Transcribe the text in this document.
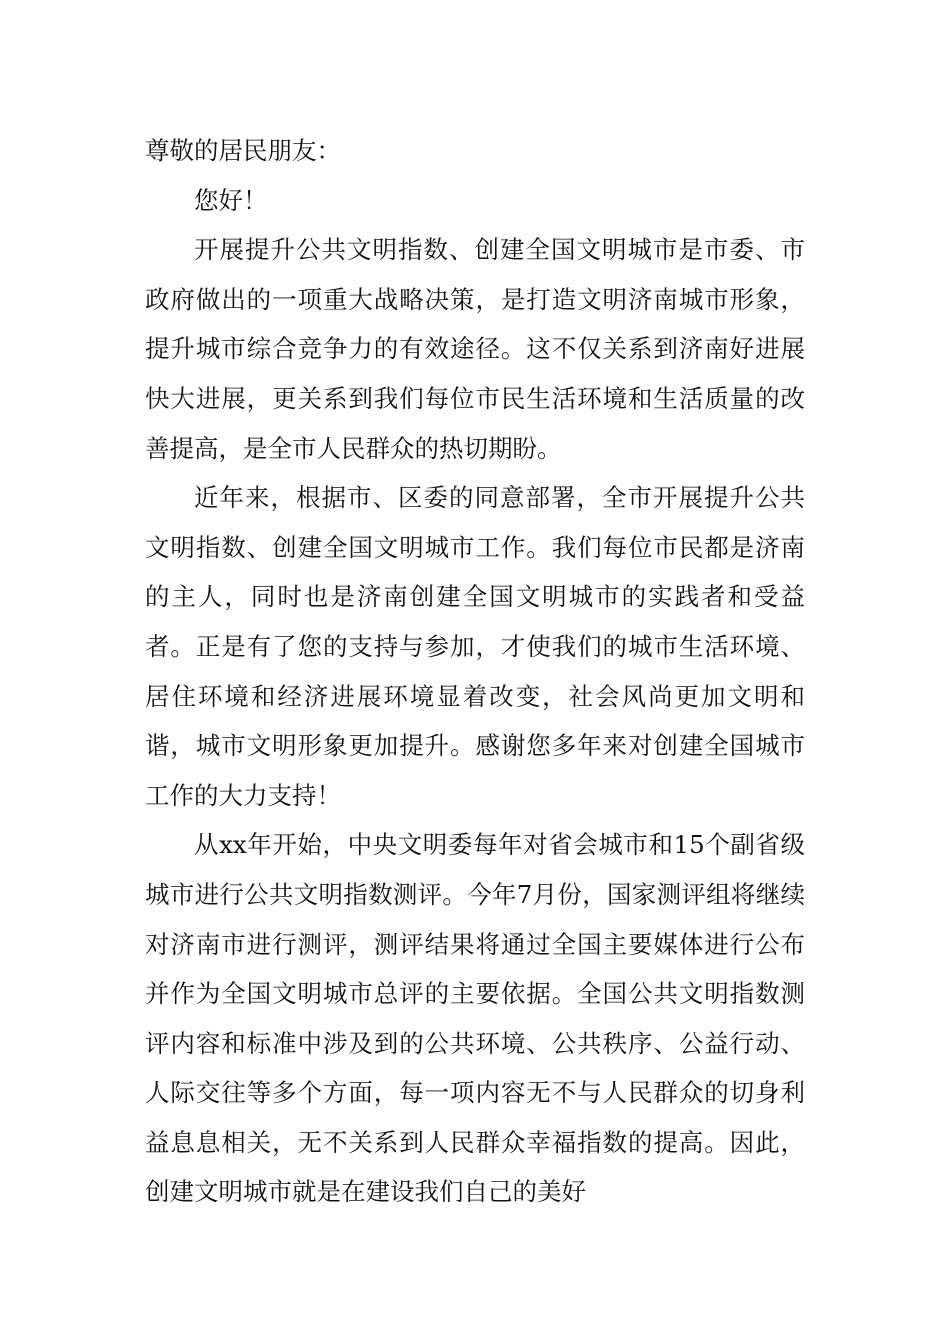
尊敬的居民朋友：

您好！

开展提升公共文明指数、创建全国文明城市是市委、市政府做出的一项重大战略决策，是打造文明济南城市形象，提升城市综合竞争力的有效途径。这不仅关系到济南好进展快大进展，更关系到我们每位市民生活环境和生活质量的改善提高，是全市人民群众的热切期盼。

近年来，根据市、区委的同意部署，全市开展提升公共文明指数、创建全国文明城市工作。我们每位市民都是济南的主人，同时也是济南创建全国文明城市的实践者和受益者。正是有了您的支持与参加，才使我们的城市生活环境、居住环境和经济进展环境显着改变，社会风尚更加文明和谐，城市文明形象更加提升。感谢您多年来对创建全国城市工作的大力支持！

从xx年开始，中央文明委每年对省会城市和15个副省级城市进行公共文明指数测评。今年7月份，国家测评组将继续对济南市进行测评，测评结果将通过全国主要媒体进行公布并作为全国文明城市总评的主要依据。全国公共文明指数测评内容和标准中涉及到的公共环境、公共秩序、公益行动、人际交往等多个方面，每一项内容无不与人民群众的切身利益息息相关，无不关系到人民群众幸福指数的提高。因此，创建文明城市就是在建设我们自己的美好
